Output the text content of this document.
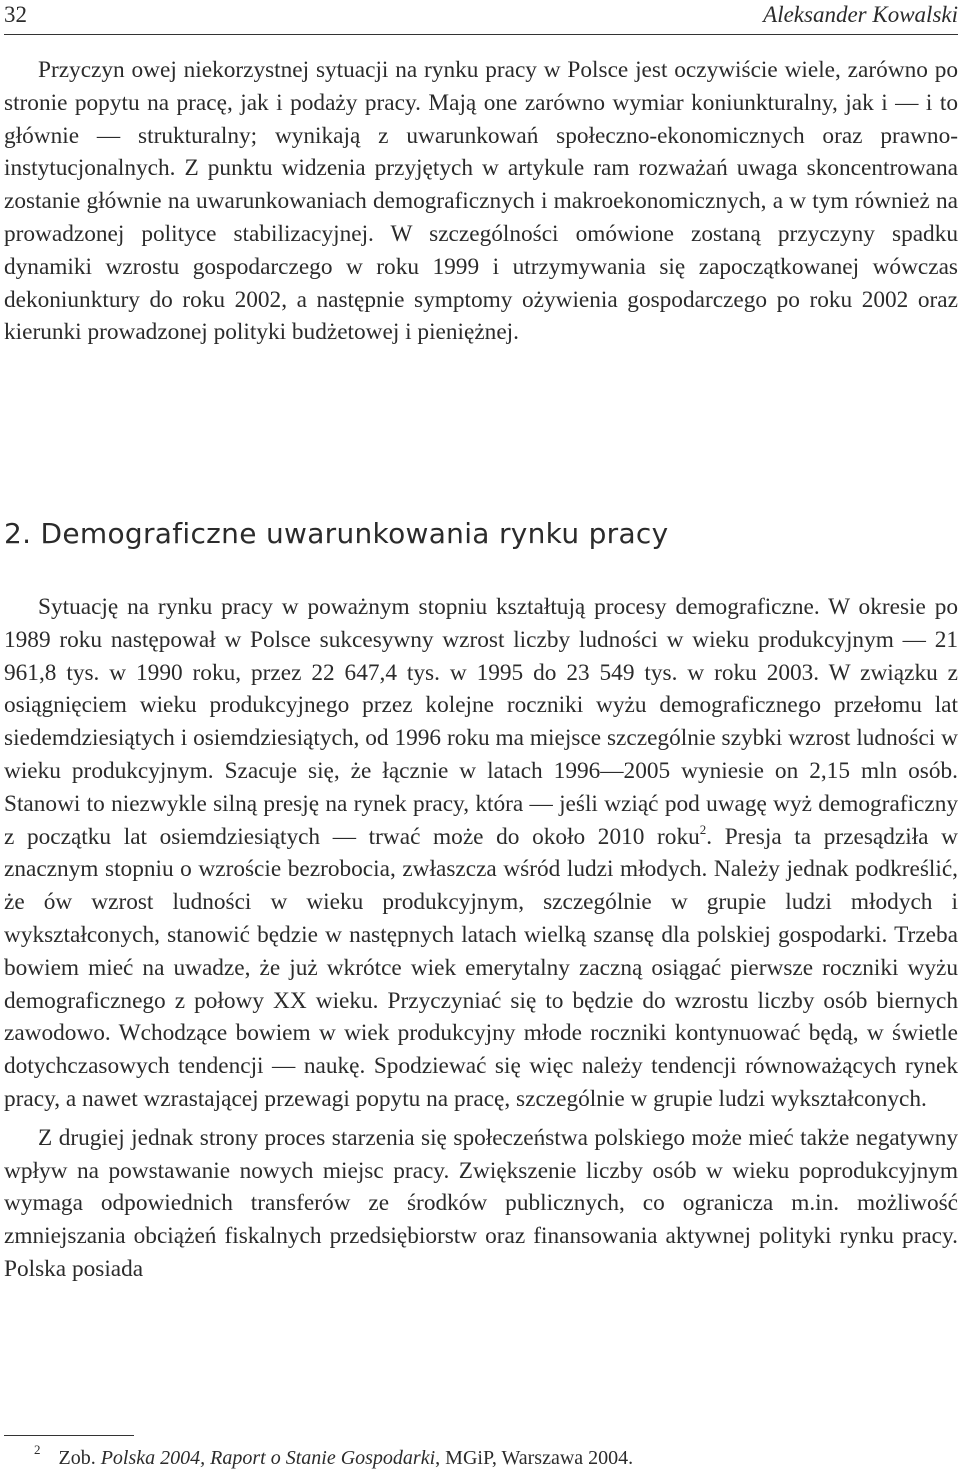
32	Aleksander Kowalski

Przyczyn owej niekorzystnej sytuacji na rynku pracy w Polsce jest oczywiście wiele, zarówno po stronie popytu na pracę, jak i podaży pracy. Mają one zarówno wymiar koniunkturalny, jak i — i to głównie — strukturalny; wynikają z uwarunkowań społeczno-ekonomicznych oraz prawno-instytucjonalnych. Z punktu widzenia przyjętych w artykule ram rozważań uwaga skoncentrowana zostanie głównie na uwarunkowaniach demograficznych i makroekonomicznych, a w tym również na prowadzonej polityce stabilizacyjnej. W szczególności omówione zostaną przyczyny spadku dynamiki wzrostu gospodarczego w roku 1999 i utrzymywania się zapoczątkowanej wówczas dekoniunktury do roku 2002, a następnie symptomy ożywienia gospodarczego po roku 2002 oraz kierunki prowadzonej polityki budżetowej i pieniężnej.

2. Demograficzne uwarunkowania rynku pracy

Sytuację na rynku pracy w poważnym stopniu kształtują procesy demograficzne. W okresie po 1989 roku następował w Polsce sukcesywny wzrost liczby ludności w wieku produkcyjnym — 21 961,8 tys. w 1990 roku, przez 22 647,4 tys. w 1995 do 23 549 tys. w roku 2003. W związku z osiągnięciem wieku produkcyjnego przez kolejne roczniki wyżu demograficznego przełomu lat siedemdziesiątych i osiemdziesiątych, od 1996 roku ma miejsce szczególnie szybki wzrost ludności w wieku produkcyjnym. Szacuje się, że łącznie w latach 1996—2005 wyniesie on 2,15 mln osób. Stanowi to niezwykle silną presję na rynek pracy, która — jeśli wziąć pod uwagę wyż demograficzny z początku lat osiemdziesiątych — trwać może do około 2010 roku$^2$. Presja ta przesądziła w znacznym stopniu o wzroście bezrobocia, zwłaszcza wśród ludzi młodych. Należy jednak podkreślić, że ów wzrost ludności w wieku produkcyjnym, szczególnie w grupie ludzi młodych i wykształconych, stanowić będzie w następnych latach wielką szansę dla polskiej gospodarki. Trzeba bowiem mieć na uwadze, że już wkrótce wiek emerytalny zaczną osiągać pierwsze roczniki wyżu demograficznego z połowy XX wieku. Przyczyniać się to będzie do wzrostu liczby osób biernych zawodowo. Wchodzące bowiem w wiek produkcyjny młode roczniki kontynuować będą, w świetle dotychczasowych tendencji — naukę. Spodziewać się więc należy tendencji równoważących rynek pracy, a nawet wzrastającej przewagi popytu na pracę, szczególnie w grupie ludzi wykształconych.

Z drugiej jednak strony proces starzenia się społeczeństwa polskiego może mieć także negatywny wpływ na powstawanie nowych miejsc pracy. Zwiększenie liczby osób w wieku poprodukcyjnym wymaga odpowiednich transferów ze środków publicznych, co ogranicza m.in. możliwość zmniejszania obciążeń fiskalnych przedsiębiorstw oraz finansowania aktywnej polityki rynku pracy. Polska posiada

$^2$ Zob. Polska 2004, Raport o Stanie Gospodarki, MGiP, Warszawa 2004.
